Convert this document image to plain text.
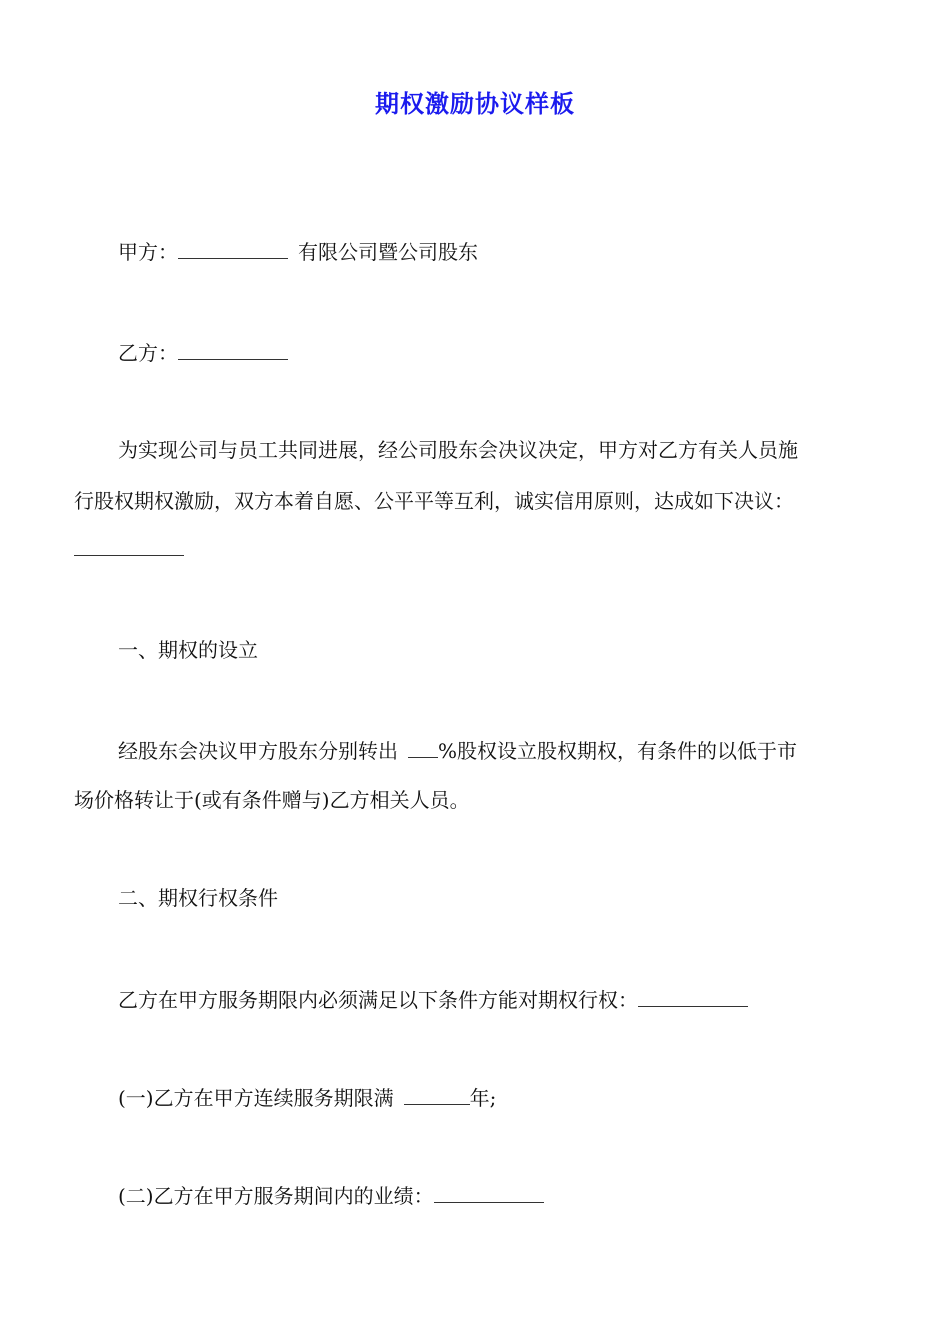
期权激励协议样板
甲方：	有限公司暨公司股东
乙方：
为实现公司与员工共同进展，经公司股东会决议决定，甲方对乙方有关人员施
行股权期权激励，双方本着自愿、公平平等互利，诚实信用原则，达成如下决议：
一、期权的设立
经股东会决议甲方股东分别转出 %股权设立股权期权，有条件的以低于市
场价格转让于(或有条件赠与)乙方相关人员。
二、期权行权条件
乙方在甲方服务期限内必须满足以下条件方能对期权行权：
(一)乙方在甲方连续服务期限满	年;
(二)乙方在甲方服务期间内的业绩：
